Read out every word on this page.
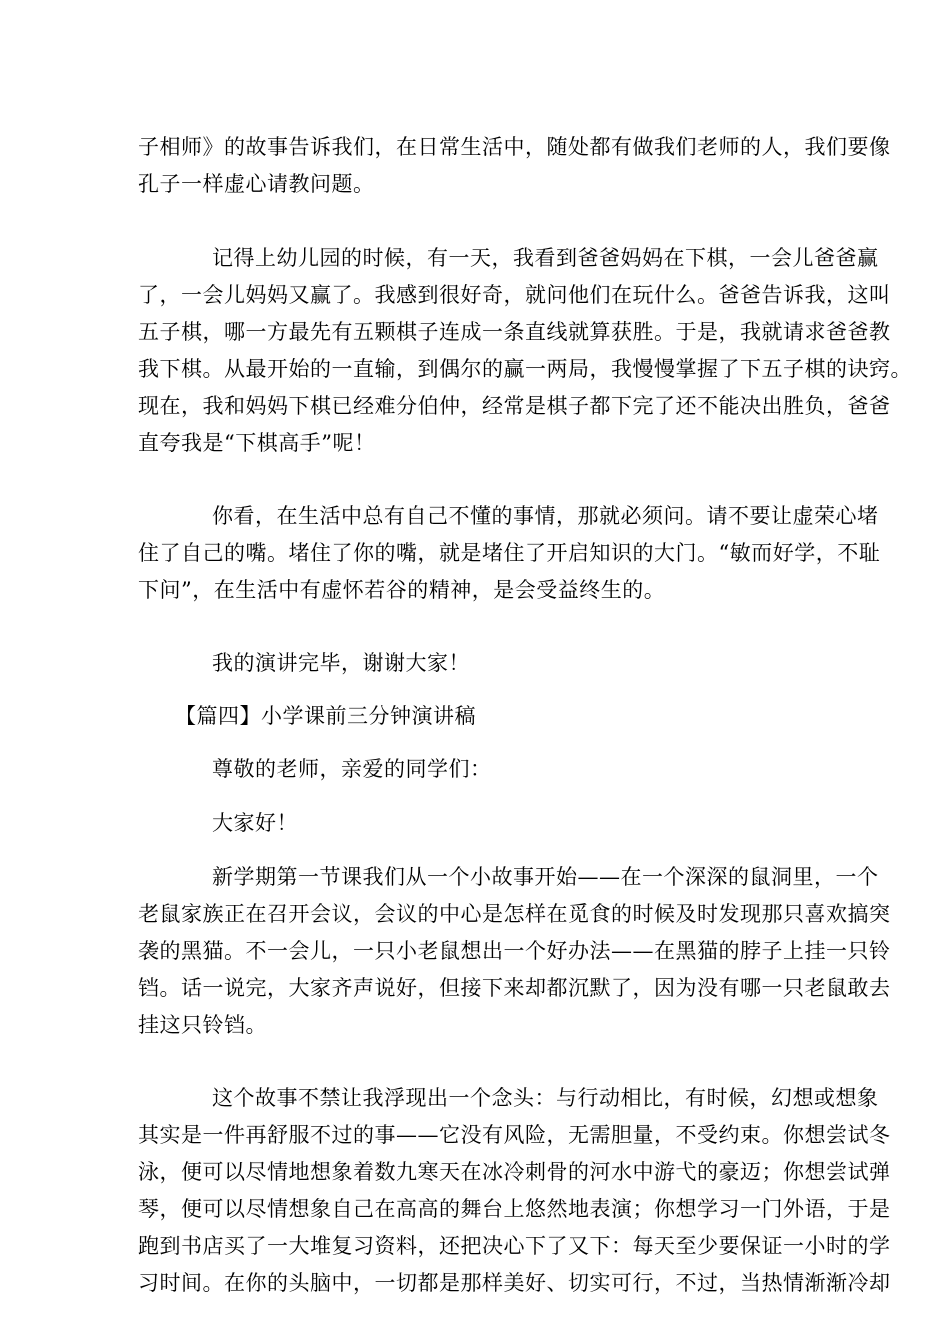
子相师》的故事告诉我们，在日常生活中，随处都有做我们老师的人，我们要像

孔子一样虚心请教问题。

记得上幼儿园的时候，有一天，我看到爸爸妈妈在下棋，一会儿爸爸赢

了，一会儿妈妈又赢了。我感到很好奇，就问他们在玩什么。爸爸告诉我，这叫

五子棋，哪一方最先有五颗棋子连成一条直线就算获胜。于是，我就请求爸爸教

我下棋。从最开始的一直输，到偶尔的赢一两局，我慢慢掌握了下五子棋的诀窍。

现在，我和妈妈下棋已经难分伯仲，经常是棋子都下完了还不能决出胜负，爸爸

直夸我是“下棋高手”呢！

你看，在生活中总有自己不懂的事情，那就必须问。请不要让虚荣心堵

住了自己的嘴。堵住了你的嘴，就是堵住了开启知识的大门。“敏而好学，不耻

下问”，在生活中有虚怀若谷的精神，是会受益终生的。

我的演讲完毕，谢谢大家！

【篇四】小学课前三分钟演讲稿

尊敬的老师，亲爱的同学们：

大家好！

新学期第一节课我们从一个小故事开始——在一个深深的鼠洞里，一个

老鼠家族正在召开会议，会议的中心是怎样在觅食的时候及时发现那只喜欢搞突

袭的黑猫。不一会儿，一只小老鼠想出一个好办法——在黑猫的脖子上挂一只铃

铛。话一说完，大家齐声说好，但接下来却都沉默了，因为没有哪一只老鼠敢去

挂这只铃铛。

这个故事不禁让我浮现出一个念头：与行动相比，有时候，幻想或想象

其实是一件再舒服不过的事——它没有风险，无需胆量，不受约束。你想尝试冬

泳，便可以尽情地想象着数九寒天在冰冷刺骨的河水中游弋的豪迈；你想尝试弹

琴，便可以尽情想象自己在高高的舞台上悠然地表演；你想学习一门外语，于是

跑到书店买了一大堆复习资料，还把决心下了又下：每天至少要保证一小时的学

习时间。在你的头脑中，一切都是那样美好、切实可行，不过，当热情渐渐冷却
